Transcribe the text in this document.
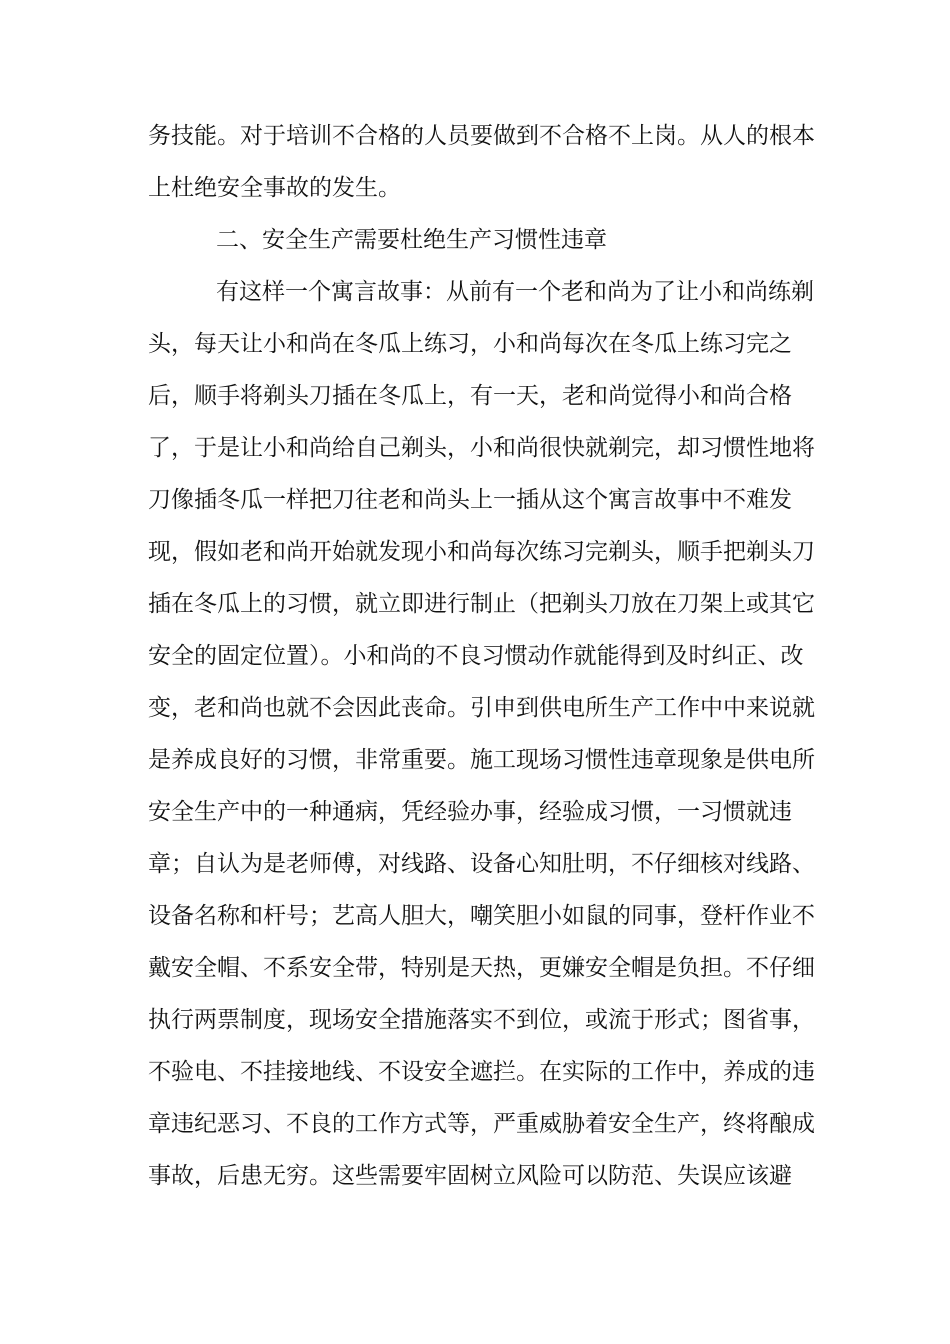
务技能。对于培训不合格的人员要做到不合格不上岗。从人的根本
上杜绝安全事故的发生。
二、安全生产需要杜绝生产习惯性违章
有这样一个寓言故事：从前有一个老和尚为了让小和尚练剃
头，每天让小和尚在冬瓜上练习，小和尚每次在冬瓜上练习完之
后，顺手将剃头刀插在冬瓜上，有一天，老和尚觉得小和尚合格
了，于是让小和尚给自己剃头，小和尚很快就剃完，却习惯性地将
刀像插冬瓜一样把刀往老和尚头上一插从这个寓言故事中不难发
现，假如老和尚开始就发现小和尚每次练习完剃头，顺手把剃头刀
插在冬瓜上的习惯，就立即进行制止（把剃头刀放在刀架上或其它
安全的固定位置）。小和尚的不良习惯动作就能得到及时纠正、改
变，老和尚也就不会因此丧命。引申到供电所生产工作中中来说就
是养成良好的习惯，非常重要。施工现场习惯性违章现象是供电所
安全生产中的一种通病，凭经验办事，经验成习惯，一习惯就违
章；自认为是老师傅，对线路、设备心知肚明，不仔细核对线路、
设备名称和杆号；艺高人胆大，嘲笑胆小如鼠的同事，登杆作业不
戴安全帽、不系安全带，特别是天热，更嫌安全帽是负担。不仔细
执行两票制度，现场安全措施落实不到位，或流于形式；图省事，
不验电、不挂接地线、不设安全遮拦。在实际的工作中，养成的违
章违纪恶习、不良的工作方式等，严重威胁着安全生产，终将酿成
事故，后患无穷。这些需要牢固树立风险可以防范、失误应该避
